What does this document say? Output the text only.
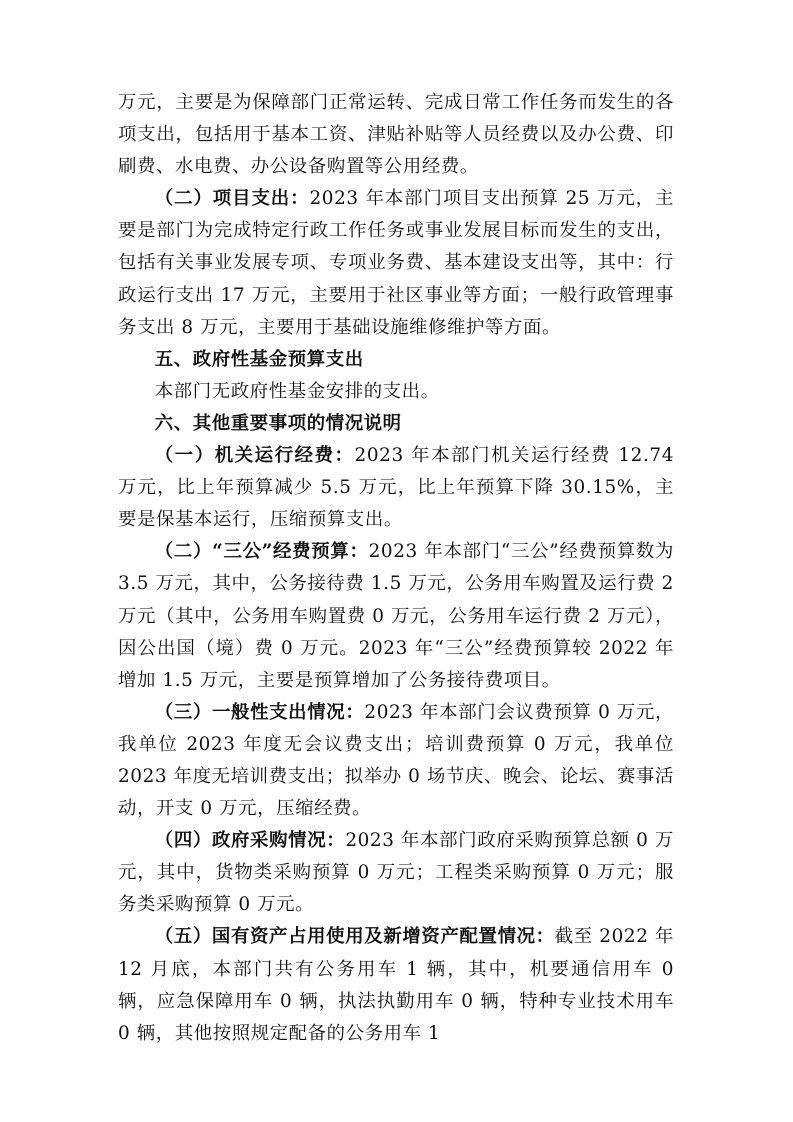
万元，主要是为保障部门正常运转、完成日常工作任务而发生的各项支出，包括用于基本工资、津贴补贴等人员经费以及办公费、印刷费、水电费、办公设备购置等公用经费。

（二）项目支出：2023 年本部门项目支出预算 25 万元，主要是部门为完成特定行政工作任务或事业发展目标而发生的支出，包括有关事业发展专项、专项业务费、基本建设支出等，其中：行政运行支出 17 万元，主要用于社区事业等方面；一般行政管理事务支出 8 万元，主要用于基础设施维修维护等方面。

五、政府性基金预算支出

本部门无政府性基金安排的支出。

六、其他重要事项的情况说明

（一）机关运行经费：2023 年本部门机关运行经费 12.74 万元，比上年预算减少 5.5 万元，比上年预算下降 30.15%，主要是保基本运行，压缩预算支出。

（二）“三公”经费预算：2023 年本部门“三公”经费预算数为 3.5 万元，其中，公务接待费 1.5 万元，公务用车购置及运行费 2 万元（其中，公务用车购置费 0 万元，公务用车运行费 2 万元），因公出国（境）费 0 万元。2023 年“三公”经费预算较 2022 年增加 1.5 万元，主要是预算增加了公务接待费项目。

（三）一般性支出情况：2023 年本部门会议费预算 0 万元，我单位 2023 年度无会议费支出；培训费预算 0 万元，我单位 2023 年度无培训费支出；拟举办 0 场节庆、晚会、论坛、赛事活动，开支 0 万元，压缩经费。

（四）政府采购情况：2023 年本部门政府采购预算总额 0 万元，其中，货物类采购预算 0 万元；工程类采购预算 0 万元；服务类采购预算 0 万元。

（五）国有资产占用使用及新增资产配置情况：截至 2022 年 12 月底，本部门共有公务用车 1 辆，其中，机要通信用车 0 辆，应急保障用车 0 辆，执法执勤用车 0 辆，特种专业技术用车 0 辆，其他按照规定配备的公务用车 1
